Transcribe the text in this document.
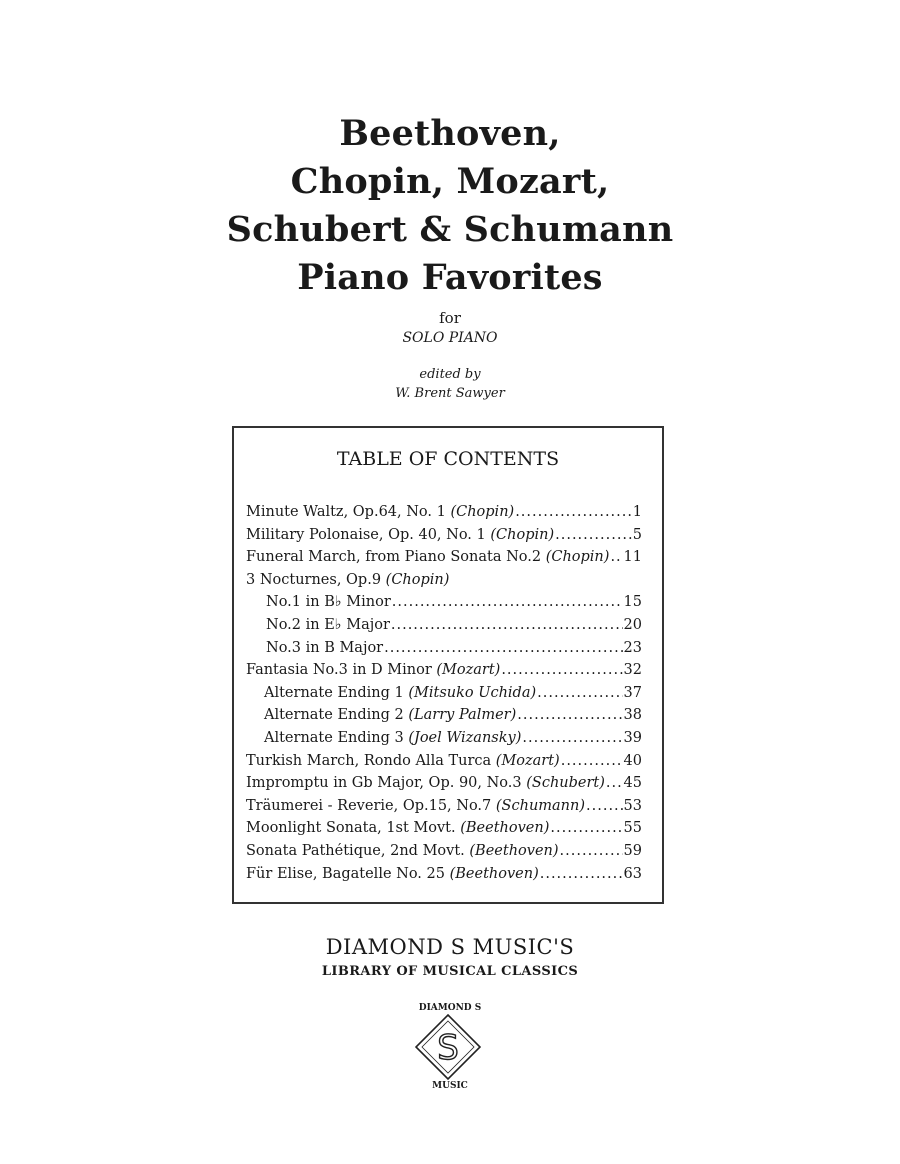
Beethoven,
Chopin, Mozart,
Schubert & Schumann
Piano Favorites
for
SOLO PIANO
edited by
W. Brent Sawyer
TABLE OF CONTENTS
Minute Waltz, Op.64, No. 1 (Chopin) .....	1
Military Polonaise, Op. 40, No. 1 (Chopin) .....	5
Funeral March, from Piano Sonata No.2 (Chopin) ..... 11
3 Nocturnes, Op.9 (Chopin)
No.1 in B♭ Minor .....	15
No.2 in E♭ Major .....	20
No.3 in B Major .....	23
Fantasia No.3 in D Minor (Mozart) .....	32
Alternate Ending 1 (Mitsuko Uchida) .....	37
Alternate Ending 2 (Larry Palmer) .....	38
Alternate Ending 3 (Joel Wizansky) .....	39
Turkish March, Rondo Alla Turca (Mozart) .....	40
Impromptu in Gb Major, Op. 90, No.3 (Schubert) ..... 45
Träumerei - Reverie, Op.15, No.7 (Schumann) .....	53
Moonlight Sonata, 1st Movt. (Beethoven) .....	55
Sonata Pathétique, 2nd Movt. (Beethoven) .....	59
Für Elise, Bagatelle No. 25 (Beethoven) .....	63
DIAMOND S MUSIC'S
LIBRARY OF MUSICAL CLASSICS
DIAMOND S
S
MUSIC
